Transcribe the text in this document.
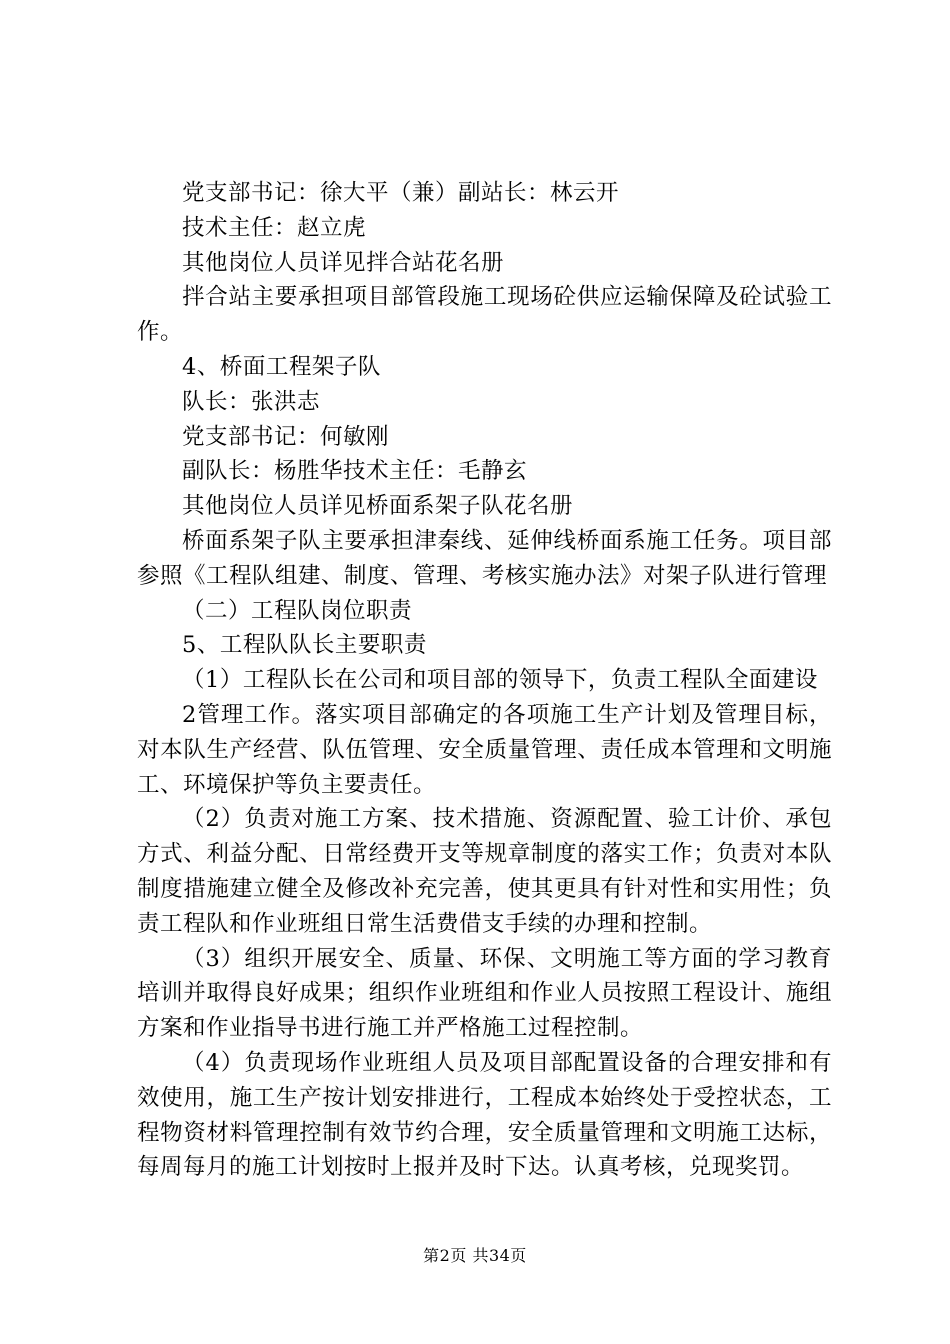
党支部书记：徐大平（兼）副站长：林云开

技术主任：赵立虎

其他岗位人员详见拌合站花名册

拌合站主要承担项目部管段施工现场砼供应运输保障及砼试验工作。

4、桥面工程架子队

队长：张洪志

党支部书记：何敏刚

副队长：杨胜华技术主任：毛静玄

其他岗位人员详见桥面系架子队花名册

桥面系架子队主要承担津秦线、延伸线桥面系施工任务。项目部参照《工程队组建、制度、管理、考核实施办法》对架子队进行管理

（二）工程队岗位职责

5、工程队队长主要职责

（1）工程队长在公司和项目部的领导下，负责工程队全面建设

2管理工作。落实项目部确定的各项施工生产计划及管理目标，对本队生产经营、队伍管理、安全质量管理、责任成本管理和文明施工、环境保护等负主要责任。

（2）负责对施工方案、技术措施、资源配置、验工计价、承包方式、利益分配、日常经费开支等规章制度的落实工作；负责对本队制度措施建立健全及修改补充完善，使其更具有针对性和实用性；负责工程队和作业班组日常生活费借支手续的办理和控制。

（3）组织开展安全、质量、环保、文明施工等方面的学习教育培训并取得良好成果；组织作业班组和作业人员按照工程设计、施组方案和作业指导书进行施工并严格施工过程控制。

（4）负责现场作业班组人员及项目部配置设备的合理安排和有效使用，施工生产按计划安排进行，工程成本始终处于受控状态，工程物资材料管理控制有效节约合理，安全质量管理和文明施工达标，每周每月的施工计划按时上报并及时下达。认真考核，兑现奖罚。

第2页 共34页
